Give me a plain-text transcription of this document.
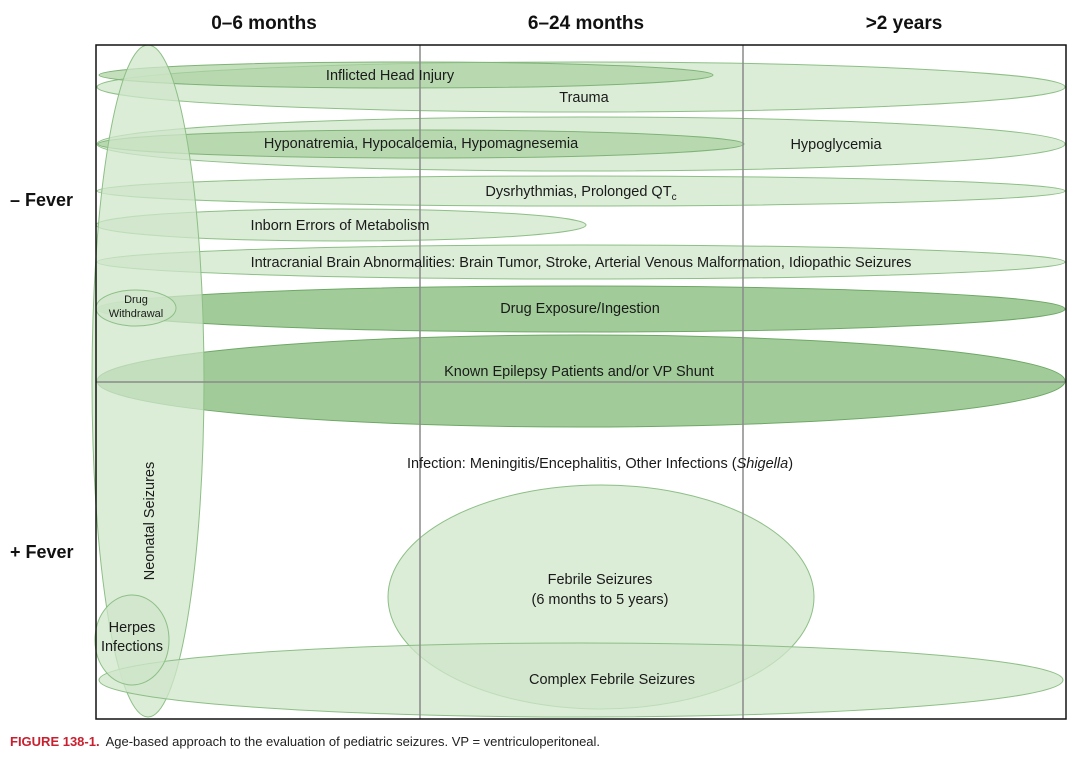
0–6 months	6–24 months	>2 years
– Fever
+ Fever
Inflicted Head Injury
Trauma
Hyponatremia, Hypocalcemia, Hypomagnesemia	Hypoglycemia
Dysrhythmias, Prolonged $QT_c$
Inborn Errors of Metabolism
Intracranial Brain Abnormalities: Brain Tumor, Stroke, Arterial Venous Malformation, Idiopathic Seizures
Drug
Withdrawal	Drug Exposure/Ingestion
Known Epilepsy Patients and/or VP Shunt
Infection: Meningitis/Encephalitis, Other Infections (Shigella)
Neonatal Seizures
Herpes
Infections
Febrile Seizures
(6 months to 5 years)
Complex Febrile Seizures
FIGURE 138-1. Age-based approach to the evaluation of pediatric seizures. VP = ventriculoperitoneal.
